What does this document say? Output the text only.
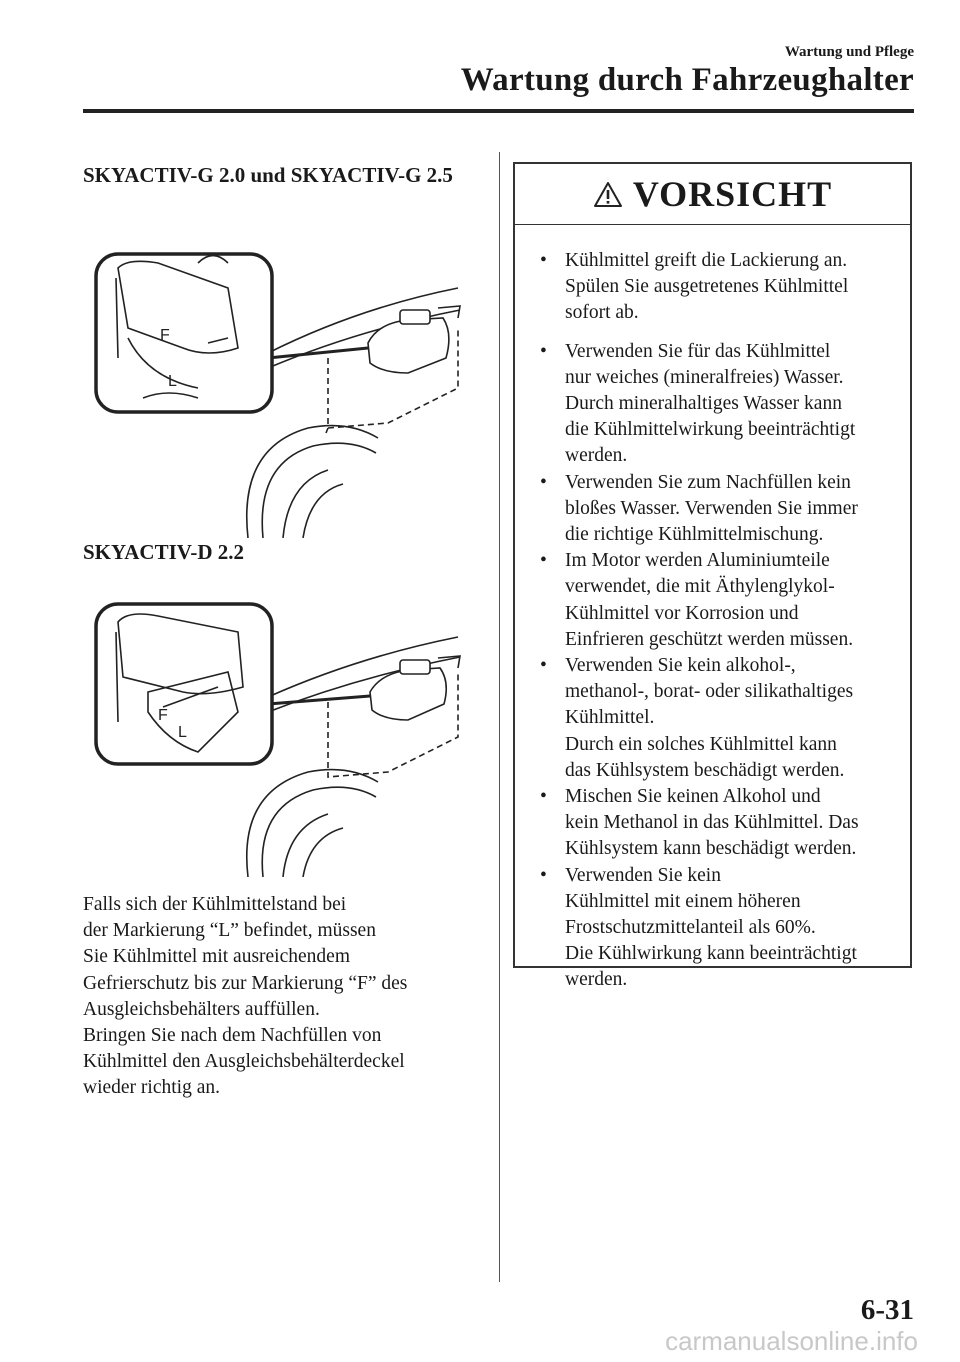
Wartung und Pflege
Wartung durch Fahrzeughalter
SKYACTIV-G 2.0 und SKYACTIV-G 2.5
F
L
SKYACTIV-D 2.2
F
L

Falls sich der Kühlmittelstand bei

der Markierung “L” befindet, müssen

Sie Kühlmittel mit ausreichendem

Gefrierschutz bis zur Markierung “F” des

Ausgleichsbehälters auffüllen.

Bringen Sie nach dem Nachfüllen von

Kühlmittel den Ausgleichsbehälterdeckel

wieder richtig an.

VORSICHT
• Kühlmittel greift die Lackierung an.
Spülen Sie ausgetretenes Kühlmittel
sofort ab.
• Verwenden Sie für das Kühlmittel
nur weiches (mineralfreies) Wasser.
Durch mineralhaltiges Wasser kann
die Kühlmittelwirkung beeinträchtigt
werden.
• Verwenden Sie zum Nachfüllen kein
bloßes Wasser. Verwenden Sie immer
die richtige Kühlmittelmischung.
• Im Motor werden Aluminiumteile
verwendet, die mit Äthylenglykol-
Kühlmittel vor Korrosion und
Einfrieren geschützt werden müssen.
• Verwenden Sie kein alkohol-,
methanol-, borat- oder silikathaltiges
Kühlmittel.
Durch ein solches Kühlmittel kann
das Kühlsystem beschädigt werden.
• Mischen Sie keinen Alkohol und
kein Methanol in das Kühlmittel. Das
Kühlsystem kann beschädigt werden.
• Verwenden Sie kein
Kühlmittel mit einem höheren
Frostschutzmittelanteil als 60%.
Die Kühlwirkung kann beeinträchtigt
werden.
6-31
carmanualsonline.info
